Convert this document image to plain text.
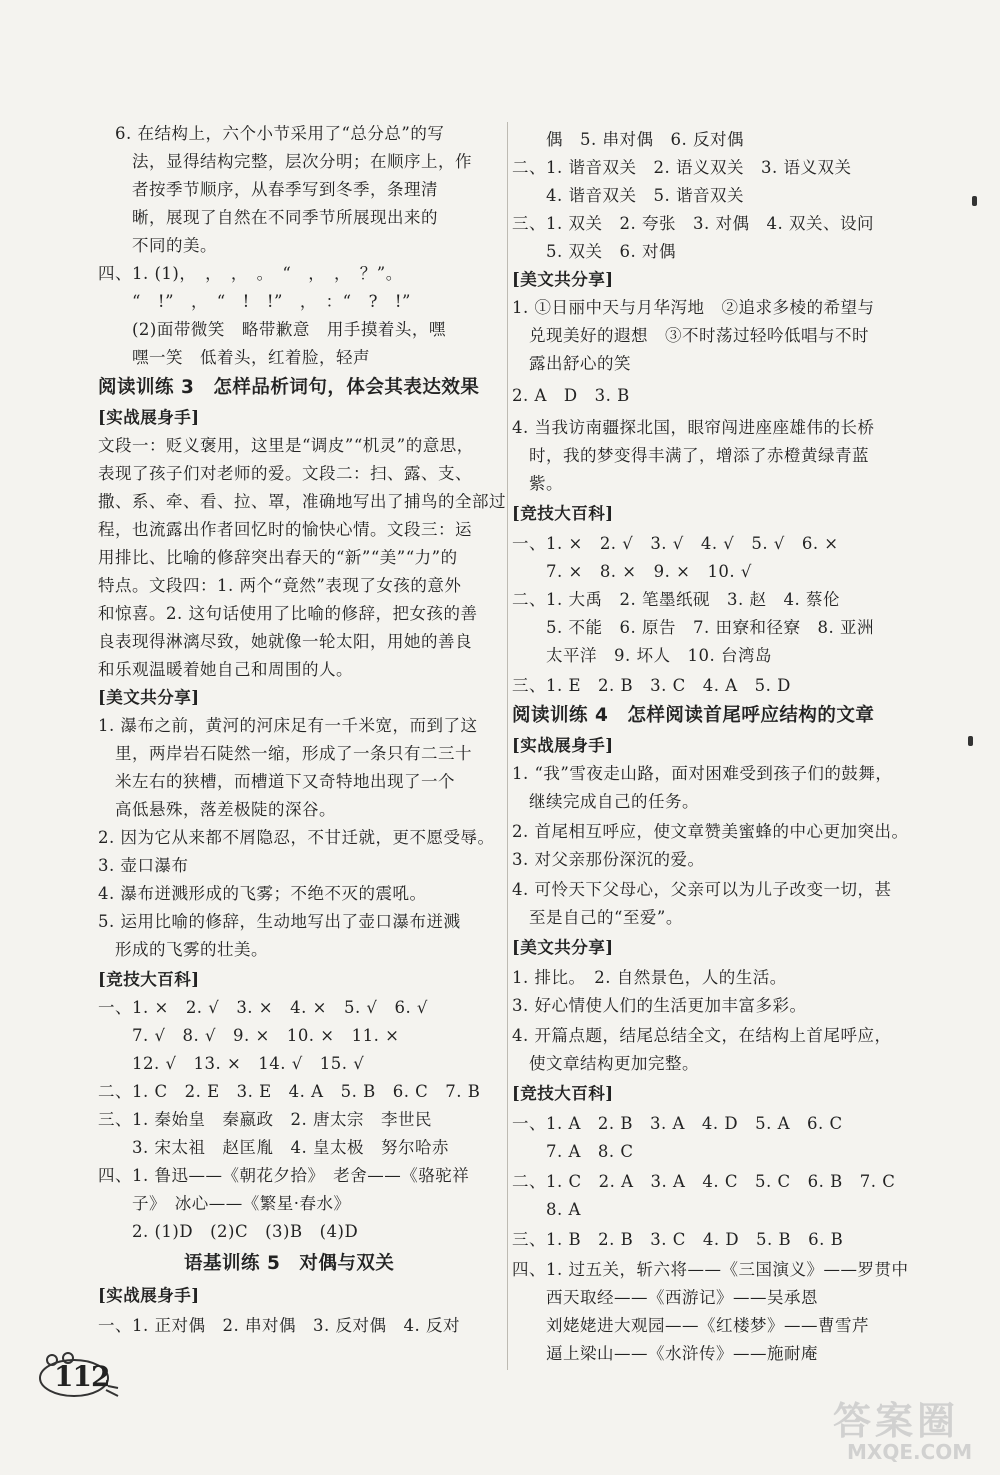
　6. 在结构上，六个小节采用了“总分总”的写
　　法，显得结构完整，层次分明；在顺序上，作
　　者按季节顺序，从春季写到冬季，条理清
　　晰，展现了自然在不同季节所展现出来的
　　不同的美。
四、1. (1)，　，　，　。　“　，　，　？”。
　　“　!”　，　“　!　!”　，　：“　?　!”
　　(2)面带微笑　略带歉意　用手摸着头，嘿
　　嘿一笑　低着头，红着脸，轻声
阅读训练 3　怎样品析词句，体会其表达效果
[实战展身手]
文段一：贬义褒用，这里是“调皮”“机灵”的意思，
表现了孩子们对老师的爱。文段二：扫、露、支、
撒、系、牵、看、拉、罩，准确地写出了捕鸟的全部过
程，也流露出作者回忆时的愉快心情。文段三：运
用排比、比喻的修辞突出春天的“新”“美”“力”的
特点。文段四：1. 两个“竟然”表现了女孩的意外
和惊喜。2. 这句话使用了比喻的修辞，把女孩的善
良表现得淋漓尽致，她就像一轮太阳，用她的善良
和乐观温暖着她自己和周围的人。
[美文共分享]
1. 瀑布之前，黄河的河床足有一千米宽，而到了这
　里，两岸岩石陡然一缩，形成了一条只有二三十
　米左右的狭槽，而槽道下又奇特地出现了一个
　高低悬殊，落差极陡的深谷。
2. 因为它从来都不屑隐忍，不甘迁就，更不愿受辱。
3. 壶口瀑布
4. 瀑布迸溅形成的飞雾；不绝不灭的震吼。
5. 运用比喻的修辞，生动地写出了壶口瀑布迸溅
　形成的飞雾的壮美。
[竞技大百科]
一、1. ×　2. √　3. ×　4. ×　5. √　6. √
　　7. √　8. √　9. ×　10. ×　11. ×
　　12. √　13. ×　14. √　15. √
二、1. C　2. E　3. E　4. A　5. B　6. C　7. B
三、1. 秦始皇　秦嬴政　2. 唐太宗　李世民
　　3. 宋太祖　赵匡胤　4. 皇太极　努尔哈赤
四、1. 鲁迅——《朝花夕拾》　老舍——《骆驼祥
　　子》　冰心——《繁星·春水》
　　2. (1)D　(2)C　(3)B　(4)D
语基训练 5　对偶与双关
[实战展身手]
一、1. 正对偶　2. 串对偶　3. 反对偶　4. 反对
　　偶　5. 串对偶　6. 反对偶
二、1. 谐音双关　2. 语义双关　3. 语义双关
　　4. 谐音双关　5. 谐音双关
三、1. 双关　2. 夸张　3. 对偶　4. 双关、设问
　　5. 双关　6. 对偶
[美文共分享]
1. ①日丽中天与月华泻地　②追求多棱的希望与
　兑现美好的遐想　③不时荡过轻吟低唱与不时
　露出舒心的笑
2. A　D　3. B
4. 当我访南疆探北国，眼帘闯进座座雄伟的长桥
　时，我的梦变得丰满了，增添了赤橙黄绿青蓝
　紫。
[竞技大百科]
一、1. ×　2. √　3. √　4. √　5. √　6. ×
　　7. ×　8. ×　9. ×　10. √
二、1. 大禹　2. 笔墨纸砚　3. 赵　4. 蔡伦
　　5. 不能　6. 原告　7. 田寮和径寮　8. 亚洲
　　太平洋　9. 坏人　10. 台湾岛
三、1. E　2. B　3. C　4. A　5. D
阅读训练 4　怎样阅读首尾呼应结构的文章
[实战展身手]
1. “我”雪夜走山路，面对困难受到孩子们的鼓舞，
　继续完成自己的任务。
2. 首尾相互呼应，使文章赞美蜜蜂的中心更加突出。
3. 对父亲那份深沉的爱。
4. 可怜天下父母心，父亲可以为儿子改变一切，甚
　至是自己的“至爱”。
[美文共分享]
1. 排比。　2. 自然景色，人的生活。
3. 好心情使人们的生活更加丰富多彩。
4. 开篇点题，结尾总结全文，在结构上首尾呼应，
　使文章结构更加完整。
[竞技大百科]
一、1. A　2. B　3. A　4. D　5. A　6. C
　　7. A　8. C
二、1. C　2. A　3. A　4. C　5. C　6. B　7. C
　　8. A
三、1. B　2. B　3. C　4. D　5. B　6. B
四、1. 过五关，斩六将——《三国演义》——罗贯中
　　西天取经——《西游记》——吴承恩
　　刘姥姥进大观园——《红楼梦》——曹雪芹
　　逼上梁山——《水浒传》——施耐庵
112
答案圈
MXQE.COM
